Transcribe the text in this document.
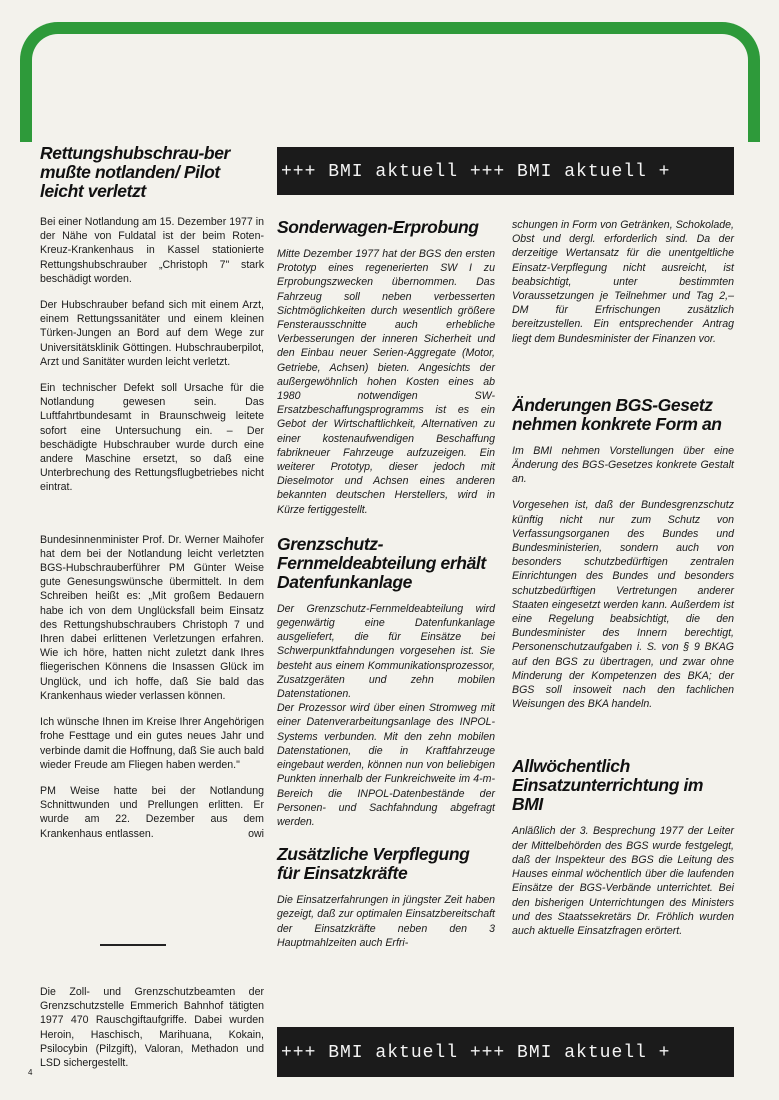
+++ BMI aktuell +++ BMI aktuell +
Rettungshubschrau-ber mußte notlanden/ Pilot leicht verletzt

Bei einer Notlandung am 15. Dezember 1977 in der Nähe von Fuldatal ist der beim Roten-Kreuz-Krankenhaus in Kassel stationierte Rettungshubschrauber „Christoph 7" stark beschädigt worden.

Der Hubschrauber befand sich mit einem Arzt, einem Rettungssanitäter und einem kleinen Türken-Jungen an Bord auf dem Wege zur Universitätsklinik Göttingen. Hubschrauberpilot, Arzt und Sanitäter wurden leicht verletzt.

Ein technischer Defekt soll Ursache für die Notlandung gewesen sein. Das Luftfahrtbundesamt in Braunschweig leitete sofort eine Untersuchung ein. – Der beschädigte Hubschrauber wurde durch eine andere Maschine ersetzt, so daß eine Unterbrechung des Rettungsflugbetriebes nicht eintrat.

Bundesinnenminister Prof. Dr. Werner Maihofer hat dem bei der Notlandung leicht verletzten BGS-Hubschrauberführer PM Günter Weise gute Genesungswünsche übermittelt. In dem Schreiben heißt es: „Mit großem Bedauern habe ich von dem Unglücksfall beim Einsatz des Rettungshubschraubers Christoph 7 und Ihren dabei erlittenen Verletzungen erfahren. Wie ich höre, hatten nicht zuletzt dank Ihres fliegerischen Könnens die Insassen Glück im Unglück, und ich hoffe, daß Sie bald das Krankenhaus wieder verlassen können.

Ich wünsche Ihnen im Kreise Ihrer Angehörigen frohe Festtage und ein gutes neues Jahr und verbinde damit die Hoffnung, daß Sie auch bald wieder Freude am Fliegen haben werden."

PM Weise hatte bei der Notlandung Schnittwunden und Prellungen erlitten. Er wurde am 22. Dezember aus dem Krankenhaus entlassen.	owi

Die Zoll- und Grenzschutzbeamten der Grenzschutzstelle Emmerich Bahnhof tätigten 1977 470 Rauschgiftaufgriffe. Dabei wurden Heroin, Haschisch, Marihuana, Kokain, Psilocybin (Pilzgift), Valoran, Methadon und LSD sichergestellt.

4
Sonderwagen-Erprobung

Mitte Dezember 1977 hat der BGS den ersten Prototyp eines regenerierten SW I zu Erprobungszwecken übernommen. Das Fahrzeug soll neben verbesserten Sichtmöglichkeiten durch wesentlich größere Fensterausschnitte auch erhebliche Verbesserungen der inneren Sicherheit und den Einbau neuer Serien-Aggregate (Motor, Getriebe, Achsen) bieten. Angesichts der außergewöhnlich hohen Kosten eines ab 1980 notwendigen SW-Ersatzbeschaffungsprogramms ist es ein Gebot der Wirtschaftlichkeit, Alternativen zu einer kostenaufwendigen Beschaffung fabrikneuer Fahrzeuge aufzuzeigen. Ein weiterer Prototyp, dieser jedoch mit Dieselmotor und Achsen eines anderen bekannten deutschen Herstellers, wird in Kürze fertiggestellt.

Grenzschutz-Fernmeldeabteilung erhält Datenfunkanlage

Der Grenzschutz-Fernmeldeabteilung wird gegenwärtig eine Datenfunkanlage ausgeliefert, die für Einsätze bei Schwerpunktfahndungen vorgesehen ist. Sie besteht aus einem Kommunikationsprozessor, Zusatzgeräten und zehn mobilen Datenstationen.

Der Prozessor wird über einen Stromweg mit einer Datenverarbeitungsanlage des INPOL-Systems verbunden. Mit den zehn mobilen Datenstationen, die in Kraftfahrzeuge eingebaut werden, können nun von beliebigen Punkten innerhalb der Funkreichweite im 4-m-Bereich die INPOL-Datenbestände der Personen- und Sachfahndung abgefragt werden.

Zusätzliche Verpflegung für Einsatzkräfte

Die Einsatzerfahrungen in jüngster Zeit haben gezeigt, daß zur optimalen Einsatzbereitschaft der Einsatzkräfte neben den 3 Hauptmahlzeiten auch Erfri-

schungen in Form von Getränken, Schokolade, Obst und dergl. erforderlich sind. Da der derzeitige Wertansatz für die unentgeltliche Einsatz-Verpflegung nicht ausreicht, ist beabsichtigt, unter bestimmten Voraussetzungen je Teilnehmer und Tag 2,– DM für Erfrischungen zusätzlich bereitzustellen. Ein entsprechender Antrag liegt dem Bundesminister der Finanzen vor.

Änderungen BGS-Gesetz nehmen konkrete Form an

Im BMI nehmen Vorstellungen über eine Änderung des BGS-Gesetzes konkrete Gestalt an.

Vorgesehen ist, daß der Bundesgrenzschutz künftig nicht nur zum Schutz von Verfassungsorganen des Bundes und Bundesministerien, sondern auch von besonders schutzbedürftigen zentralen Einrichtungen des Bundes und besonders schutzbedürftigen Vertretungen anderer Staaten eingesetzt werden kann. Außerdem ist eine Regelung beabsichtigt, die den Bundesminister des Innern berechtigt, Personenschutzaufgaben i. S. von § 9 BKAG auf den BGS zu übertragen, und zwar ohne Minderung der Kompetenzen des BKA; der BGS soll insoweit nach den fachlichen Weisungen des BKA handeln.

Allwöchentlich Einsatzunterrichtung im BMI

Anläßlich der 3. Besprechung 1977 der Leiter der Mittelbehörden des BGS wurde festgelegt, daß der Inspekteur des BGS die Leitung des Hauses einmal wöchentlich über die laufenden Einsätze der BGS-Verbände unterrichtet. Bei den bisherigen Unterrichtungen des Ministers und des Staatssekretärs Dr. Fröhlich wurden auch aktuelle Einsatzfragen erörtert.

+++ BMI aktuell +++ BMI aktuell +
